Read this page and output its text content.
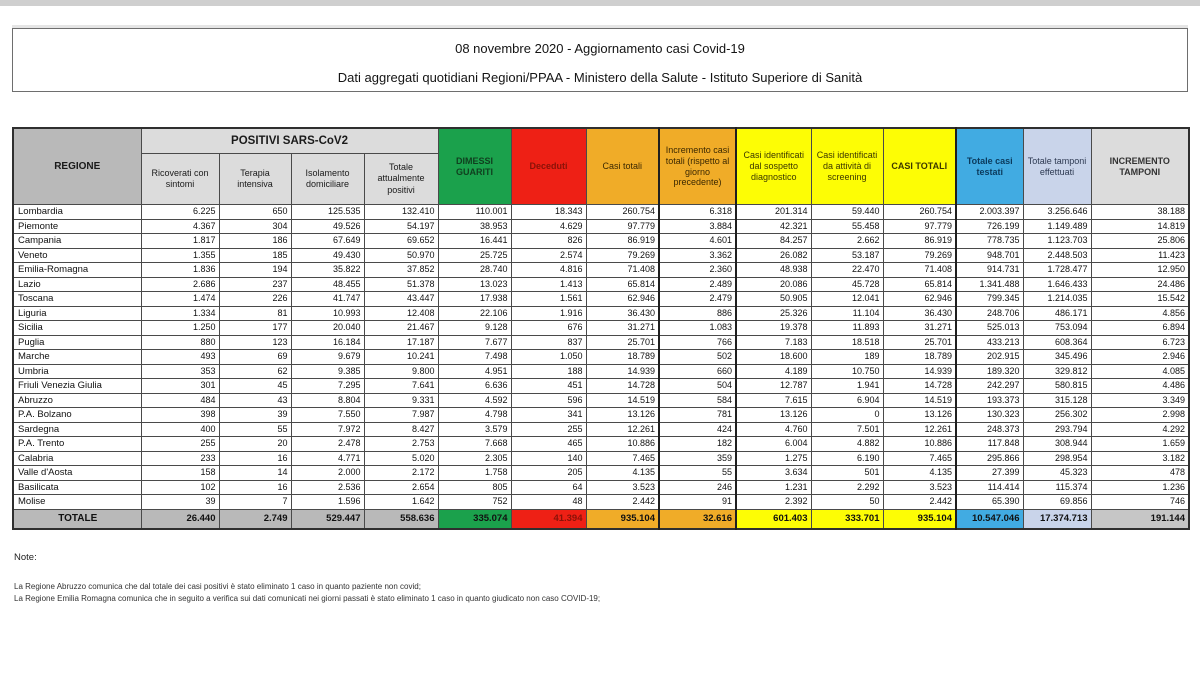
08 novembre 2020 - Aggiornamento casi Covid-19

Dati aggregati quotidiani Regioni/PPAA - Ministero della Salute - Istituto Superiore di Sanità

REGIONE	POSITIVI SARS-CoV2				DIMESSI GUARITI	Deceduti	Casi totali	Incremento casi totali (rispetto al giorno precedente)	Casi identificati dal sospetto diagnostico	Casi identificati da attività di screening	CASI TOTALI	Totale casi testati	Totale tamponi effettuati	INCREMENTO TAMPONI
	Ricoverati con sintomi	Terapia intensiva	Isolamento domiciliare	Totale attualmente positivi										
Lombardia	6.225	650	125.535	132.410	110.001	18.343	260.754	6.318	201.314	59.440	260.754	2.003.397	3.256.646	38.188
Piemonte	4.367	304	49.526	54.197	38.953	4.629	97.779	3.884	42.321	55.458	97.779	726.199	1.149.489	14.819
Campania	1.817	186	67.649	69.652	16.441	826	86.919	4.601	84.257	2.662	86.919	778.735	1.123.703	25.806
Veneto	1.355	185	49.430	50.970	25.725	2.574	79.269	3.362	26.082	53.187	79.269	948.701	2.448.503	11.423
Emilia-Romagna	1.836	194	35.822	37.852	28.740	4.816	71.408	2.360	48.938	22.470	71.408	914.731	1.728.477	12.950
Lazio	2.686	237	48.455	51.378	13.023	1.413	65.814	2.489	20.086	45.728	65.814	1.341.488	1.646.433	24.486
Toscana	1.474	226	41.747	43.447	17.938	1.561	62.946	2.479	50.905	12.041	62.946	799.345	1.214.035	15.542
Liguria	1.334	81	10.993	12.408	22.106	1.916	36.430	886	25.326	11.104	36.430	248.706	486.171	4.856
Sicilia	1.250	177	20.040	21.467	9.128	676	31.271	1.083	19.378	11.893	31.271	525.013	753.094	6.894
Puglia	880	123	16.184	17.187	7.677	837	25.701	766	7.183	18.518	25.701	433.213	608.364	6.723
Marche	493	69	9.679	10.241	7.498	1.050	18.789	502	18.600	189	18.789	202.915	345.496	2.946
Umbria	353	62	9.385	9.800	4.951	188	14.939	660	4.189	10.750	14.939	189.320	329.812	4.085
Friuli Venezia Giulia	301	45	7.295	7.641	6.636	451	14.728	504	12.787	1.941	14.728	242.297	580.815	4.486
Abruzzo	484	43	8.804	9.331	4.592	596	14.519	584	7.615	6.904	14.519	193.373	315.128	3.349
P.A. Bolzano	398	39	7.550	7.987	4.798	341	13.126	781	13.126	0	13.126	130.323	256.302	2.998
Sardegna	400	55	7.972	8.427	3.579	255	12.261	424	4.760	7.501	12.261	248.373	293.794	4.292
P.A. Trento	255	20	2.478	2.753	7.668	465	10.886	182	6.004	4.882	10.886	117.848	308.944	1.659
Calabria	233	16	4.771	5.020	2.305	140	7.465	359	1.275	6.190	7.465	295.866	298.954	3.182
Valle d'Aosta	158	14	2.000	2.172	1.758	205	4.135	55	3.634	501	4.135	27.399	45.323	478
Basilicata	102	16	2.536	2.654	805	64	3.523	246	1.231	2.292	3.523	114.414	115.374	1.236
Molise	39	7	1.596	1.642	752	48	2.442	91	2.392	50	2.442	65.390	69.856	746
TOTALE	26.440	2.749	529.447	558.636	335.074	41.394	935.104	32.616	601.403	333.701	935.104	10.547.046	17.374.713	191.144

Note:

La Regione Abruzzo comunica che dal totale dei casi positivi è stato eliminato 1 caso in quanto paziente non covid;

La Regione Emilia Romagna comunica che in seguito a verifica sui dati comunicati nei giorni passati è stato eliminato 1 caso in quanto giudicato non caso COVID-19;
